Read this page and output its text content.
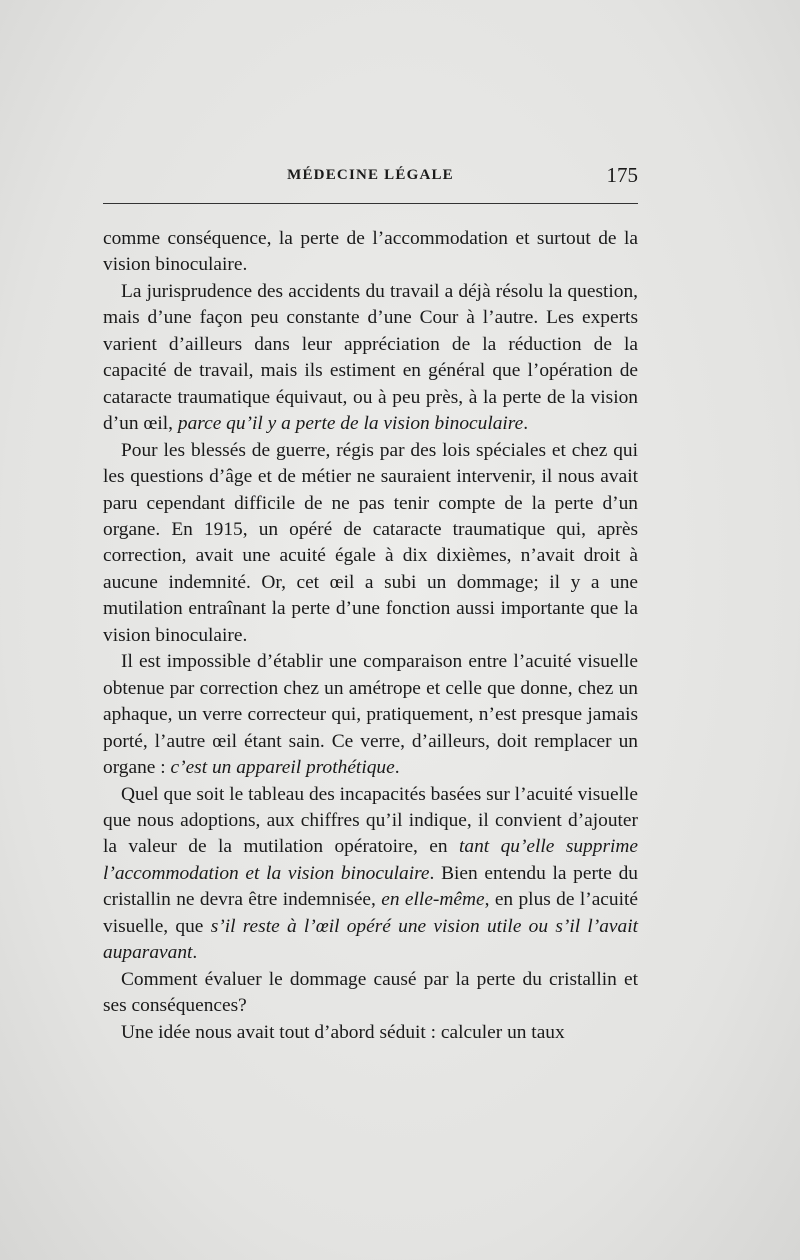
MÉDECINE LÉGALE	175

comme conséquence, la perte de l’accommodation et surtout de la vision binoculaire.

La jurisprudence des accidents du travail a déjà résolu la question, mais d’une façon peu constante d’une Cour à l’autre. Les experts varient d’ailleurs dans leur appréciation de la réduction de la capacité de travail, mais ils estiment en général que l’opération de cataracte traumatique équivaut, ou à peu près, à la perte de la vision d’un œil, parce qu’il y a perte de la vision binoculaire.

Pour les blessés de guerre, régis par des lois spéciales et chez qui les questions d’âge et de métier ne sauraient intervenir, il nous avait paru cependant difficile de ne pas tenir compte de la perte d’un organe. En 1915, un opéré de cataracte traumatique qui, après correction, avait une acuité égale à dix dixièmes, n’avait droit à aucune indemnité. Or, cet œil a subi un dommage; il y a une mutilation entraînant la perte d’une fonction aussi importante que la vision binoculaire.

Il est impossible d’établir une comparaison entre l’acuité visuelle obtenue par correction chez un amétrope et celle que donne, chez un aphaque, un verre correcteur qui, pratiquement, n’est presque jamais porté, l’autre œil étant sain. Ce verre, d’ailleurs, doit remplacer un organe : c’est un appareil prothétique.

Quel que soit le tableau des incapacités basées sur l’acuité visuelle que nous adoptions, aux chiffres qu’il indique, il convient d’ajouter la valeur de la mutilation opératoire, en tant qu’elle supprime l’accommodation et la vision binoculaire. Bien entendu la perte du cristallin ne devra être indemnisée, en elle-même, en plus de l’acuité visuelle, que s’il reste à l’œil opéré une vision utile ou s’il l’avait auparavant.

Comment évaluer le dommage causé par la perte du cristallin et ses conséquences?

Une idée nous avait tout d’abord séduit : calculer un taux
